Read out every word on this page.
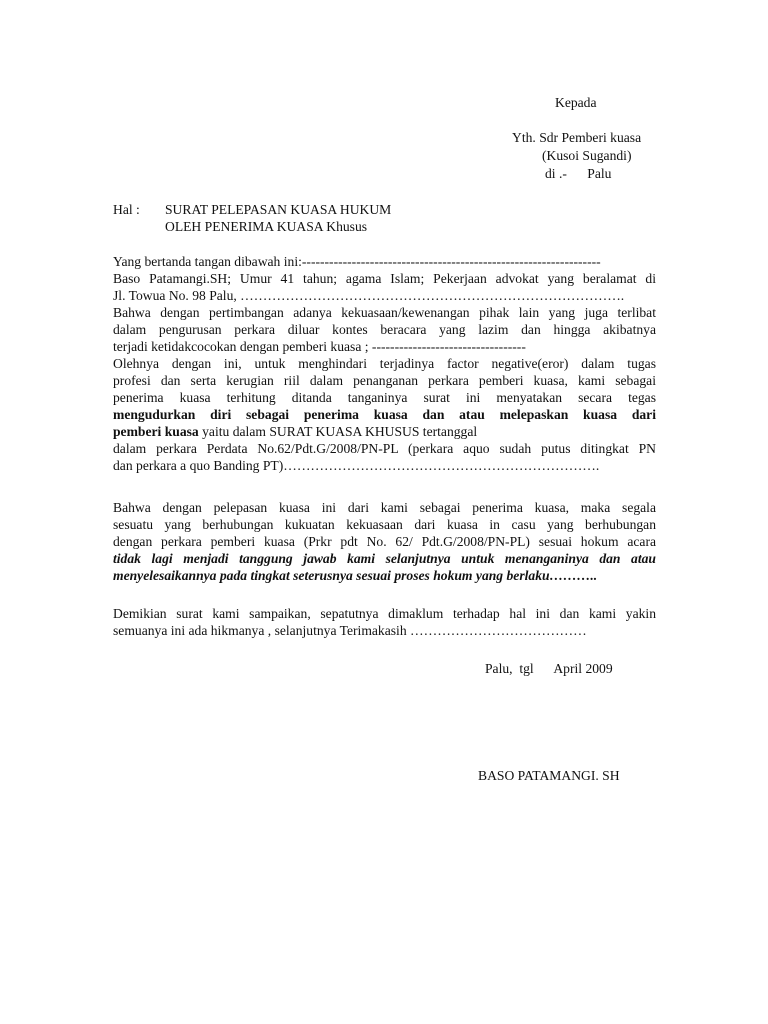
Kepada
Yth. Sdr Pemberi kuasa
(Kusoi Sugandi)
di .-      Palu
Hal : SURAT PELEPASAN KUASA HUKUM
OLEH PENERIMA KUASA Khusus
Yang bertanda tangan dibawah ini:------------------------------------------------------------------
Baso Patamangi.SH; Umur 41 tahun; agama Islam; Pekerjaan advokat yang beralamat di
Jl. Towua No. 98 Palu, ………………………………………………………………………….
Bahwa dengan pertimbangan adanya kekuasaan/kewenangan pihak lain yang juga terlibat
dalam pengurusan perkara diluar kontes beracara yang lazim dan hingga akibatnya
terjadi ketidakcocokan dengan pemberi kuasa ; ----------------------------------
Olehnya dengan ini, untuk menghindari terjadinya factor negative(eror) dalam tugas
profesi dan serta kerugian riil dalam penanganan perkara pemberi kuasa, kami sebagai
penerima kuasa terhitung ditanda tanganinya surat ini menyatakan secara tegas
mengudurkan diri sebagai penerima kuasa dan atau melepaskan kuasa dari
pemberi kuasa yaitu dalam SURAT KUASA KHUSUS tertanggal
dalam perkara Perdata No.62/Pdt.G/2008/PN-PL (perkara aquo sudah putus ditingkat PN
dan perkara a quo Banding PT)…………………………………………………………….
Bahwa dengan pelepasan kuasa ini dari kami sebagai penerima kuasa, maka segala
sesuatu yang berhubungan kukuatan kekuasaan dari kuasa in casu yang berhubungan
dengan perkara pemberi kuasa (Prkr pdt No. 62/ Pdt.G/2008/PN-PL) sesuai hokum acara
tidak lagi menjadi tanggung jawab kami selanjutnya untuk menanganinya dan atau
menyelesaikannya pada tingkat seterusnya sesuai proses hokum yang berlaku………..
Demikian surat kami sampaikan, sepatutnya dimaklum terhadap hal ini dan kami yakin
semuanya ini ada hikmanya , selanjutnya Terimakasih …………………………………
Palu,  tgl      April 2009
BASO PATAMANGI. SH
